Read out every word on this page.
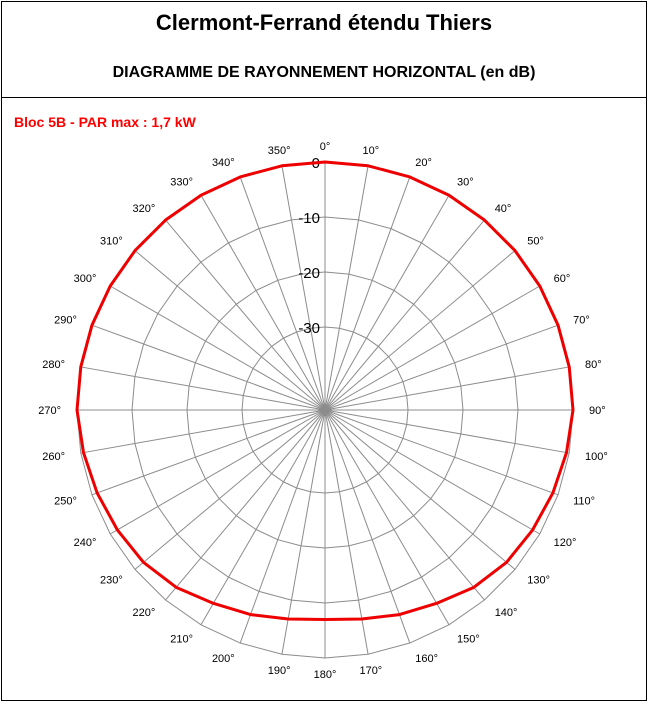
Clermont-Ferrand étendu Thiers
DIAGRAMME DE RAYONNEMENT HORIZONTAL (en dB)
Bloc 5B - PAR max : 1,7 kW
0
-10
-20
-30
0°	10°
20°
30°
40°
50°
60°
70°
80°
90°
100°
110°
120°
130°
140°
150°
160°
170°
180°
190°
200°
210°
220°
230°
240°
250°
260°
270°
280°
290°
300°
310°
320°
330°
340°
350°
